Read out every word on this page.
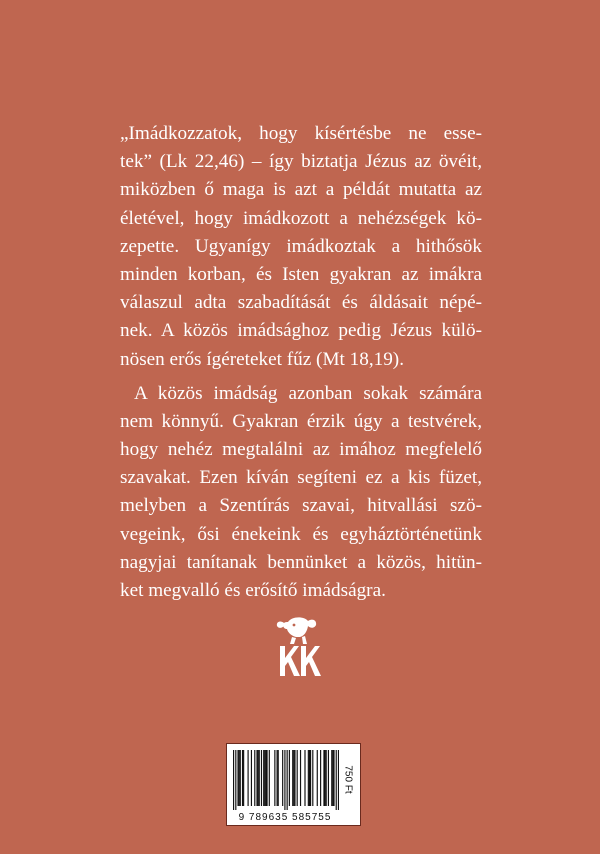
„Imádkozzatok, hogy kísértésbe ne esse-
tek” (Lk 22,46) – így biztatja Jézus az övéit,
miközben ő maga is azt a példát mutatta az
életével, hogy imádkozott a nehézségek kö-
zepette. Ugyanígy imádkoztak a hithősök
minden korban, és Isten gyakran az imákra
válaszul adta szabadítását és áldásait népé-
nek. A közös imádsághoz pedig Jézus külö-
nösen erős ígéreteket fűz (Mt 18,19).
A közös imádság azonban sokak számára
nem könnyű. Gyakran érzik úgy a testvérek,
hogy nehéz megtalálni az imához megfelelő
szavakat. Ezen kíván segíteni ez a kis füzet,
melyben a Szentírás szavai, hitvallási szö-
vegeink, ősi énekeink és egyháztörténetünk
nagyjai tanítanak bennünket a közös, hitün-
ket megvalló és erősítő imádságra.
9 789635 585755
750 Ft
